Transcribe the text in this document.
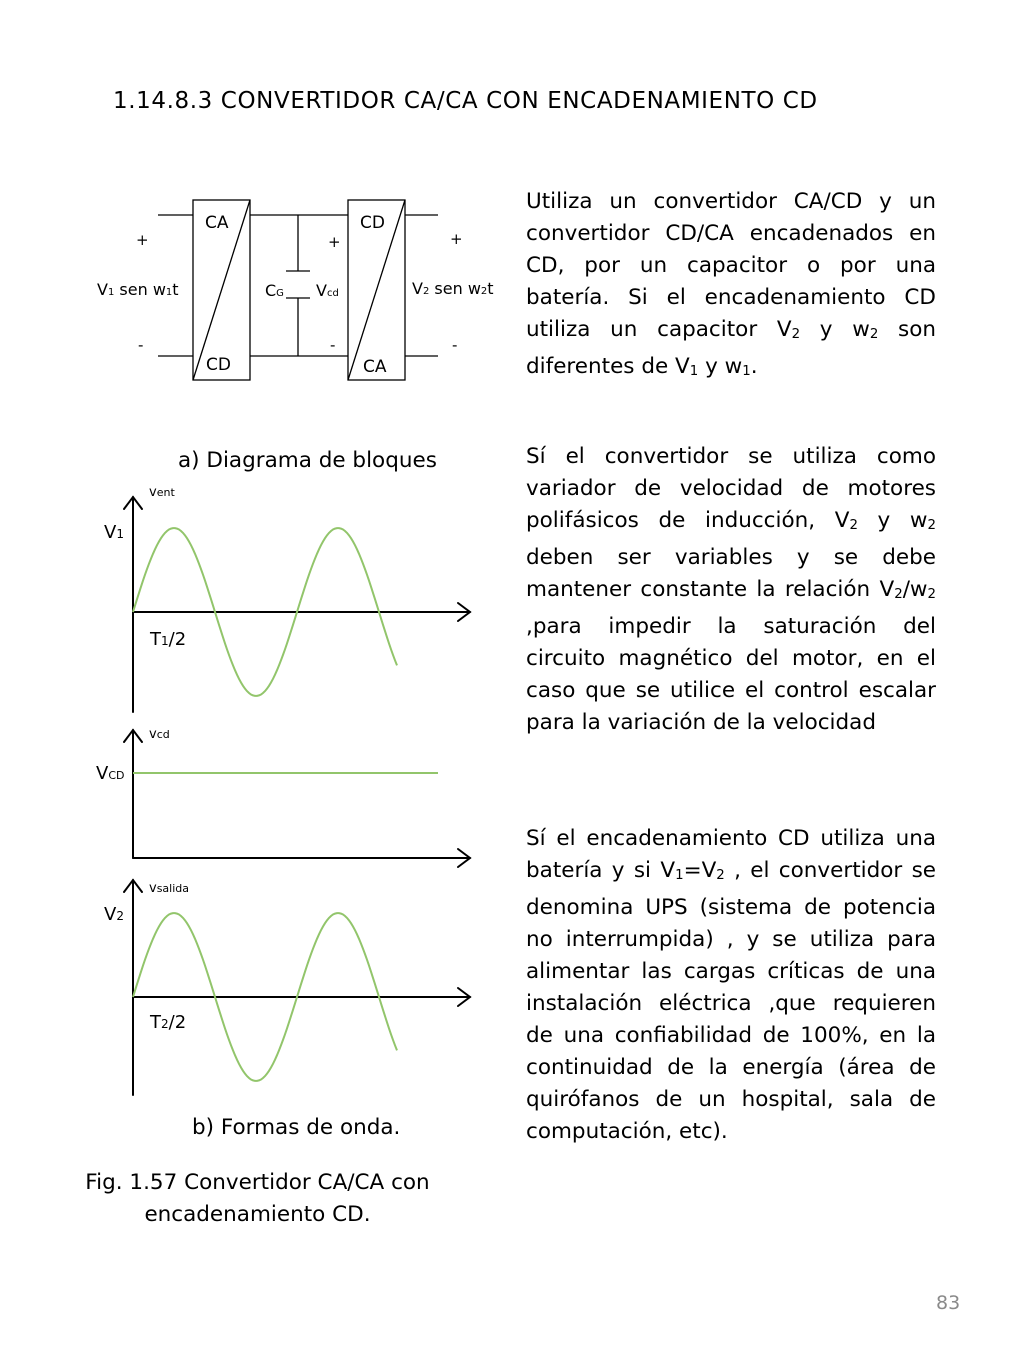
1.14.8.3 CONVERTIDOR CA/CA CON ENCADENAMIENTO CD
CA
CD
CD
CA
+
-
+
-
+
-
V1 sen w1t	CG Vcd	V2 sen w2t
a) Diagrama de bloques
vent
V1
T1/2
vcd
VCD
vsalida
V2
T2/2
b) Formas de onda.
Fig. 1.57 Convertidor CA/CA con
encadenamiento CD.
Utiliza un convertidor CA/CD y un convertidor CD/CA encadenados en CD, por un capacitor o por una batería. Si el encadenamiento CD utiliza un capacitor $V_2$ y $w_2$ son diferentes de $V_1$ y $w_1$.
Sí el convertidor se utiliza como variador de velocidad de motores polifásicos de inducción, $V_2$ y $w_2$ deben ser variables y se debe mantener constante la relación $V_2/w_2$ ,para impedir la saturación del circuito magnético del motor, en el caso que se utilice el control escalar para la variación de la velocidad
Sí el encadenamiento CD utiliza una batería y si $V_1=V_2$ , el convertidor se denomina UPS (sistema de potencia no interrumpida) , y se utiliza para alimentar las cargas críticas de una instalación eléctrica ,que requieren de una confiabilidad de 100%, en la continuidad de la energía (área de quirófanos de un hospital, sala de computación, etc).
83
